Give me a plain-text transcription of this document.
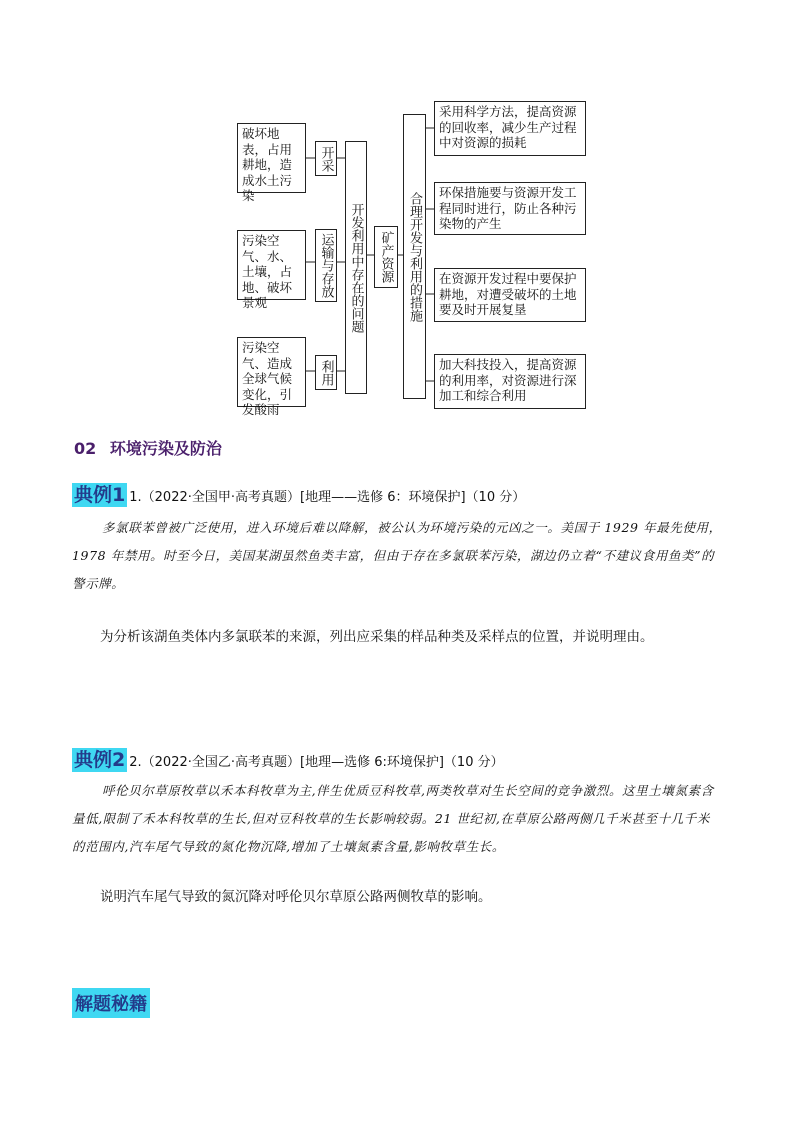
破坏地表，占用耕地，造成水土污染
污染空气、水、土壤，占地、破坏景观
污染空气、造成全球气候变化，引发酸雨
开采
运输与存放
利用
开发利用中存在的问题 矿产资源 合理开发与利用的措施
采用科学方法，提高资源的回收率，减少生产过程中对资源的损耗
环保措施要与资源开发工程同时进行，防止各种污染物的产生
在资源开发过程中要保护耕地，对遭受破坏的土地要及时开展复垦
加大科技投入，提高资源的利用率，对资源进行深加工和综合利用
02 环境污染及防治
典例1 1.（2022·全国甲·高考真题）[地理——选修 6：环境保护]（10 分）
多氯联苯曾被广泛使用，进入环境后难以降解，被公认为环境污染的元凶之一。美国于 1929 年最先使用，1978 年禁用。时至今日，美国某湖虽然鱼类丰富，但由于存在多氯联苯污染，湖边仍立着“不建议食用鱼类”的警示牌。
为分析该湖鱼类体内多氯联苯的来源，列出应采集的样品种类及采样点的位置，并说明理由。
典例2 2.（2022·全国乙·高考真题）[地理—选修 6:环境保护]（10 分）
呼伦贝尔草原牧草以禾本科牧草为主,伴生优质豆科牧草,两类牧草对生长空间的竞争激烈。这里土壤氮素含量低,限制了禾本科牧草的生长,但对豆科牧草的生长影响较弱。21 世纪初,在草原公路两侧几千米甚至十几千米的范围内,汽车尾气导致的氮化物沉降,增加了土壤氮素含量,影响牧草生长。
说明汽车尾气导致的氮沉降对呼伦贝尔草原公路两侧牧草的影响。
解题秘籍
